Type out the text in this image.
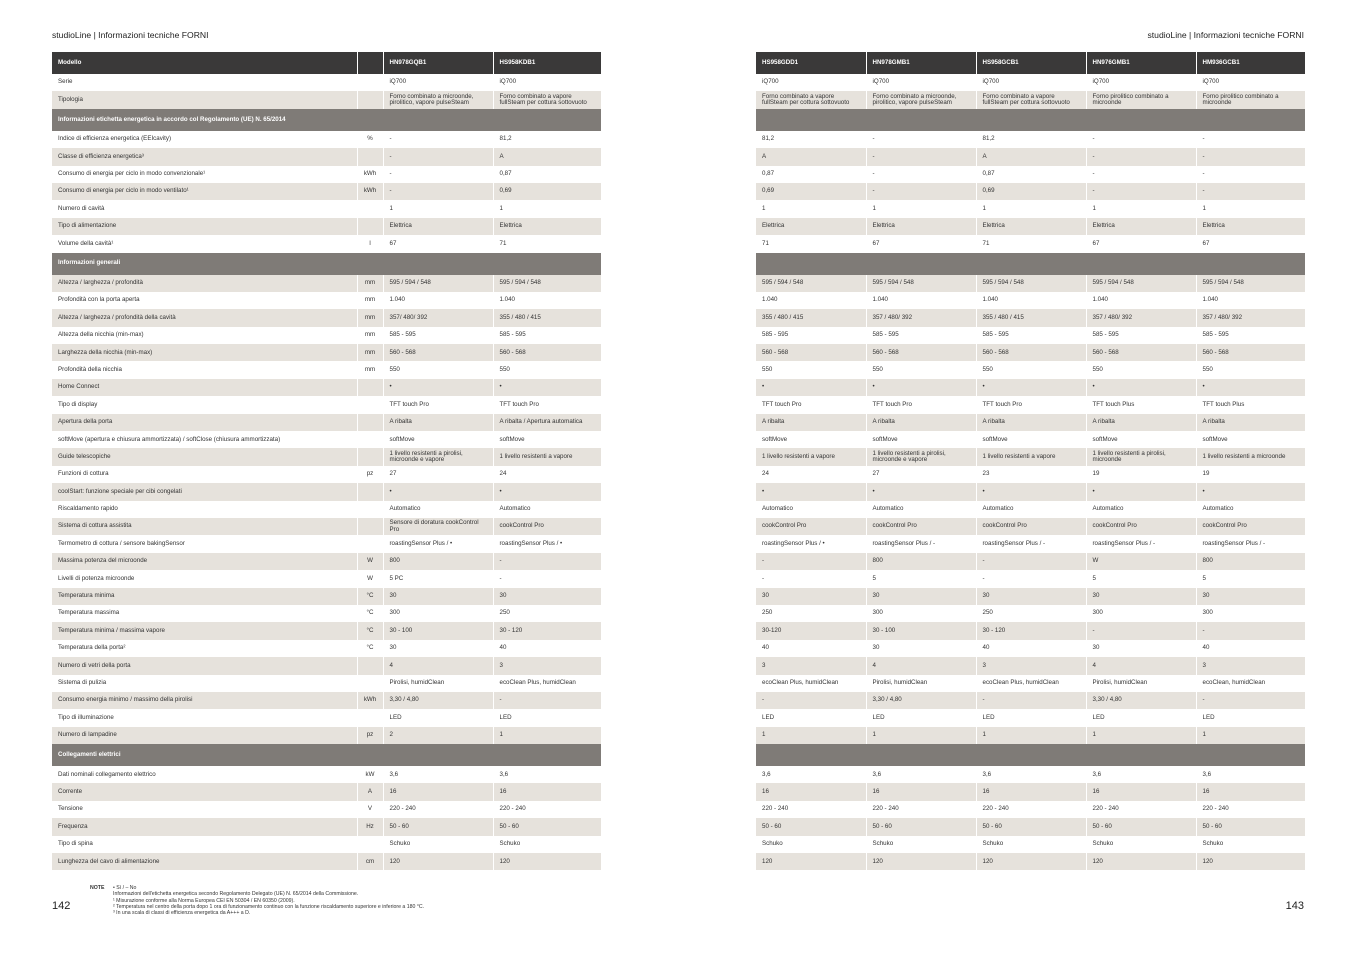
studioLine | Informazioni tecniche FORNI	studioLine | Informazioni tecniche FORNI
Modello		HN978GQB1	HS958KDB1
Serie		iQ700	iQ700
Tipologia		Forno combinato a microonde, pirolitico, vapore pulseSteam	Forno combinato a vapore fullSteam per cottura sottovuoto
Informazioni etichetta energetica in accordo col Regolamento (UE) N. 65/2014			
Indice di efficienza energetica (EEIcavity)	%	-	81,2
Classe di efficienza energetica³		-	A
Consumo di energia per ciclo in modo convenzionale¹	kWh	-	0,87
Consumo di energia per ciclo in modo ventilato¹	kWh	-	0,69
Numero di cavità		1	1
Tipo di alimentazione		Elettrica	Elettrica
Volume della cavità¹	l	67	71
Informazioni generali			
Altezza / larghezza / profondità	mm	595 / 594 / 548	595 / 594 / 548
Profondità con la porta aperta	mm	1.040	1.040
Altezza / larghezza / profondità della cavità	mm	357/ 480/ 392	355 / 480 / 415
Altezza della nicchia (min-max)	mm	585 - 595	585 - 595
Larghezza della nicchia (min-max)	mm	560 - 568	560 - 568
Profondità della nicchia	mm	550	550
Home Connect		•	•
Tipo di display		TFT touch Pro	TFT touch Pro
Apertura della porta		A ribalta	A ribalta / Apertura automatica
softMove (apertura e chiusura ammortizzata) / softClose (chiusura ammortizzata)		softMove	softMove
Guide telescopiche		1 livello resistenti a pirolisi, microonde e vapore	1 livello resistenti a vapore
Funzioni di cottura	pz	27	24
coolStart: funzione speciale per cibi congelati		•	•
Riscaldamento rapido		Automatico	Automatico
Sistema di cottura assistita		Sensore di doratura cookControl Pro	cookControl Pro
Termometro di cottura / sensore bakingSensor		roastingSensor Plus / •	roastingSensor Plus / •
Massima potenza del microonde	W	800	-
Livelli di potenza microonde	W	5 PC	-
Temperatura minima	°C	30	30
Temperatura massima	°C	300	250
Temperatura minima / massima vapore	°C	30 - 100	30 - 120
Temperatura della porta²	°C	30	40
Numero di vetri della porta		4	3
Sistema di pulizia		Pirolisi, humidClean	ecoClean Plus, humidClean
Consumo energia minimo / massimo della pirolisi	kWh	3,30 / 4,80	-
Tipo di illuminazione		LED	LED
Numero di lampadine	pz	2	1
Collegamenti elettrici			
Dati nominali collegamento elettrico	kW	3,6	3,6
Corrente	A	16	16
Tensione	V	220 - 240	220 - 240
Frequenza	Hz	50 - 60	50 - 60
Tipo di spina		Schuko	Schuko
Lunghezza del cavo di alimentazione	cm	120	120
HS958GDD1	HN978GMB1	HS958GCB1	HN976GMB1	HM936GCB1
iQ700	iQ700	iQ700	iQ700	iQ700
Forno combinato a vapore fullSteam per cottura sottovuoto	Forno combinato a microonde, pirolitico, vapore pulseSteam	Forno combinato a vapore fullSteam per cottura sottovuoto	Forno pirolitico combinato a microonde	Forno pirolitico combinato a microonde

81,2	-	81,2	-	-
A	-	A	-	-
0,87	-	0,87	-	-
0,69	-	0,69	-	-
1	1	1	1	1
Elettrica	Elettrica	Elettrica	Elettrica	Elettrica
71	67	71	67	67

595 / 594 / 548	595 / 594 / 548	595 / 594 / 548	595 / 594 / 548	595 / 594 / 548
1.040	1.040	1.040	1.040	1.040
355 / 480 / 415	357 / 480/ 392	355 / 480 / 415	357 / 480/ 392	357 / 480/ 392
585 - 595	585 - 595	585 - 595	585 - 595	585 - 595
560 - 568	560 - 568	560 - 568	560 - 568	560 - 568
550	550	550	550	550
•	•	•	•	•
TFT touch Pro	TFT touch Pro	TFT touch Pro	TFT touch Plus	TFT touch Plus
A ribalta	A ribalta	A ribalta	A ribalta	A ribalta
softMove	softMove	softMove	softMove	softMove
1 livello resistenti a vapore	1 livello resistenti a pirolisi, microonde e vapore	1 livello resistenti a vapore	1 livello resistenti a pirolisi, microonde	1 livello resistenti a microonde
24	27	23	19	19
•	•	•	•	•
Automatico	Automatico	Automatico	Automatico	Automatico
cookControl Pro	cookControl Pro	cookControl Pro	cookControl Pro	cookControl Pro
roastingSensor Plus / •	roastingSensor Plus / -	roastingSensor Plus / -	roastingSensor Plus / -	roastingSensor Plus / -
-	800	-	W	800
-	5	-	5	5
30	30	30	30	30
250	300	250	300	300
30-120	30 - 100	30 - 120	-	-
40	30	40	30	40
3	4	3	4	3
ecoClean Plus, humidClean	Pirolisi, humidClean	ecoClean Plus, humidClean	Pirolisi, humidClean	ecoClean, humidClean
-	3,30 / 4,80	-	3,30 / 4,80	-
LED	LED	LED	LED	LED
1	1	1	1	1

3,6	3,6	3,6	3,6	3,6
16	16	16	16	16
220 - 240	220 - 240	220 - 240	220 - 240	220 - 240
50 - 60	50 - 60	50 - 60	50 - 60	50 - 60
Schuko	Schuko	Schuko	Schuko	Schuko
120	120	120	120	120
NOTE • Sì / – No
Informazioni dell'etichetta energetica secondo Regolamento Delegato (UE) N. 65/2014 della Commissione.
¹ Misurazione conforme alla Norma Europea CEI EN 50304 / EN 60350 (2009).
² Temperatura nel centro della porta dopo 1 ora di funzionamento continuo con la funzione riscaldamento superiore e inferiore a 180 °C.
³ In una scala di classi di efficienza energetica da A+++ a D.
142	143
